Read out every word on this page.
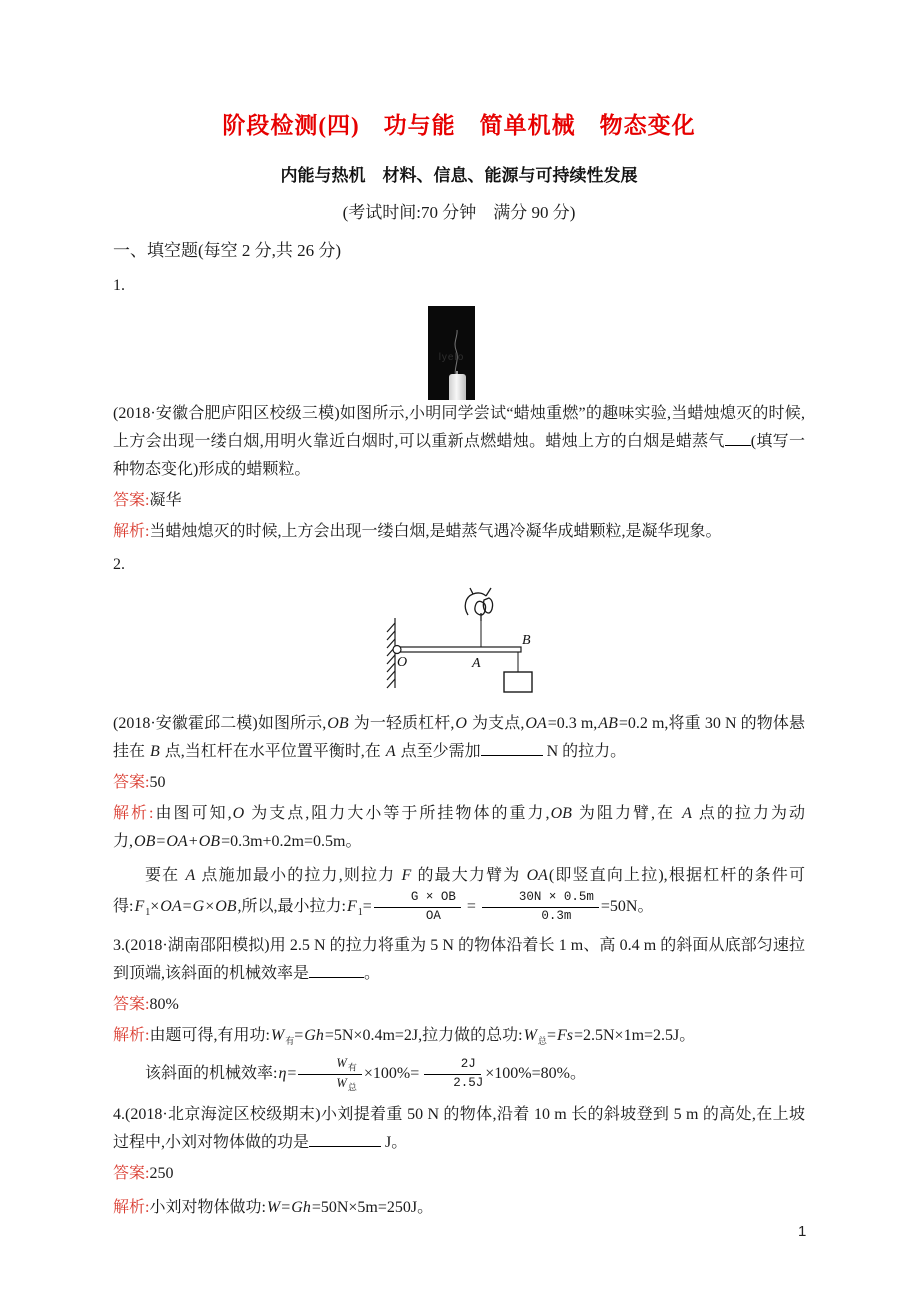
阶段检测(四)　功与能　简单机械　物态变化
内能与热机　材料、信息、能源与可持续性发展
(考试时间:70 分钟　满分 90 分)
一、填空题(每空 2 分,共 26 分)
1.
lyelo

(2018·安徽合肥庐阳区校级三模)如图所示,小明同学尝试“蜡烛重燃”的趣味实验,当蜡烛熄灭的时候,上方会出现一缕白烟,用明火靠近白烟时,可以重新点燃蜡烛。蜡烛上方的白烟是蜡蒸气 (填写一种物态变化)形成的蜡颗粒。

答案:凝华

解析:当蜡烛熄灭的时候,上方会出现一缕白烟,是蜡蒸气遇冷凝华成蜡颗粒,是凝华现象。

2.
O	A
B

(2018·安徽霍邱二模)如图所示,OB 为一轻质杠杆,O 为支点,OA=0.3 m,AB=0.2 m,将重 30 N 的物体悬挂在 B 点,当杠杆在水平位置平衡时,在 A 点至少需加	N 的拉力。

答案:50

解析:由图可知,O 为支点,阻力大小等于所挂物体的重力,OB 为阻力臂,在 A 点的拉力为动力,OB=OA+OB=0.3m+0.2m=0.5m。

要在 A 点施加最小的拉力,则拉力 F 的最大力臂为 OA(即竖直向上拉),根据杠杆的条件可得$:F_1\times OA=G\times OB$,所以,最小拉力$:F_1= \frac{G \times OB}{OA} = \frac{30N \times 0.5m}{0.3m} =50N$。

3.(2018·湖南邵阳模拟)用 2.5 N 的拉力将重为 5 N 的物体沿着长 1 m、高 0.4 m 的斜面从底部匀速拉到顶端,该斜面的机械效率是	。

答案:80%

解析:由题可得,有用功$:W_有=Gh=5N\times 0.4m=2J$,拉力做的总功$:W_总=Fs=2.5N\times 1m=2.5J$。

该斜面的机械效率:η= $\frac{W_有}{W_总} \times 100\%= \frac{2J}{2.5J} \times 100\%=80\%$。

4.(2018·北京海淀区校级期末)小刘提着重 50 N 的物体,沿着 10 m 长的斜坡登到 5 m 的高处,在上坡过程中,小刘对物体做的功是	J。

答案:250

解析:小刘对物体做功:W=Gh=50N×5m=250J。

1
